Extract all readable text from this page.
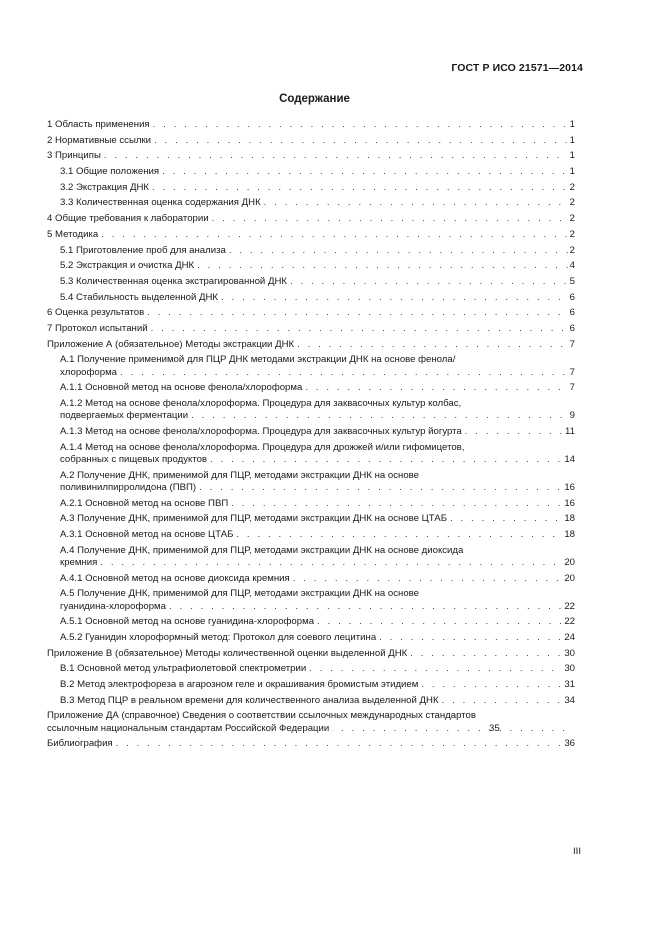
ГОСТ Р ИСО 21571—2014
Содержание
1 Область применения . . .	1
2 Нормативные ссылки . . .	1
3 Принципы . . .	1
3.1 Общие положения . . .	1
3.2 Экстракция ДНК . . .	2
3.3 Количественная оценка содержания ДНК . . .	2
4 Общие требования к лаборатории . . .	2
5 Методика . . .	2
5.1 Приготовление проб для анализа . . .	2
5.2 Экстракция и очистка ДНК . . .	4
5.3 Количественная оценка экстрагированной ДНК . . .	5
5.4 Стабильность выделенной ДНК . . .	6
6 Оценка результатов . . .	6
7 Протокол испытаний . . .	6
Приложение А (обязательное) Методы экстракции ДНК . . .	7
А.1 Получение применимой для ПЦР ДНК методами экстракции ДНК на основе фенола/
хлороформа . . .	7
А.1.1 Основной метод на основе фенола/хлороформа . . .	7
А.1.2 Метод на основе фенола/хлороформа. Процедура для заквасочных культур колбас,
подвергаемых ферментации . . .	9
А.1.3 Метод на основе фенола/хлороформа. Процедура для заквасочных культур йогурта . . .	11
А.1.4 Метод на основе фенола/хлороформа. Процедура для дрожжей и/или гифомицетов,
собранных с пищевых продуктов . . .	14
А.2 Получение ДНК, применимой для ПЦР, методами экстракции ДНК на основе
поливинилпирролидона (ПВП) . . .	16
А.2.1 Основной метод на основе ПВП . . .	16
А.3 Получение ДНК, применимой для ПЦР, методами экстракции ДНК на основе ЦТАБ . . .	18
А.3.1 Основной метод на основе ЦТАБ . . .	18
А.4 Получение ДНК, применимой для ПЦР, методами экстракции ДНК на основе диоксида
кремния . . .	20
А.4.1 Основной метод на основе диоксида кремния . . .	20
А.5 Получение ДНК, применимой для ПЦР, методами экстракции ДНК на основе
гуанидина-хлороформа . . .	22
А.5.1 Основной метод на основе гуанидина-хлороформа . . .	22
А.5.2 Гуанидин хлороформный метод: Протокол для соевого лецитина . . .	24
Приложение В (обязательное) Методы количественной оценки выделенной ДНК . . .	30
В.1 Основной метод ультрафиолетовой спектрометрии . . .	30
В.2 Метод электрофореза в агарозном геле и окрашивания бромистым этидием . . .	31
В.3 Метод ПЦР в реальном времени для количественного анализа выделенной ДНК . . .	34
Приложение ДА (справочное) Сведения о соответствии ссылочных международных стандартов
ссылочным национальным стандартам Российской Федерации . . .	35
Библиография . . .	36
III
